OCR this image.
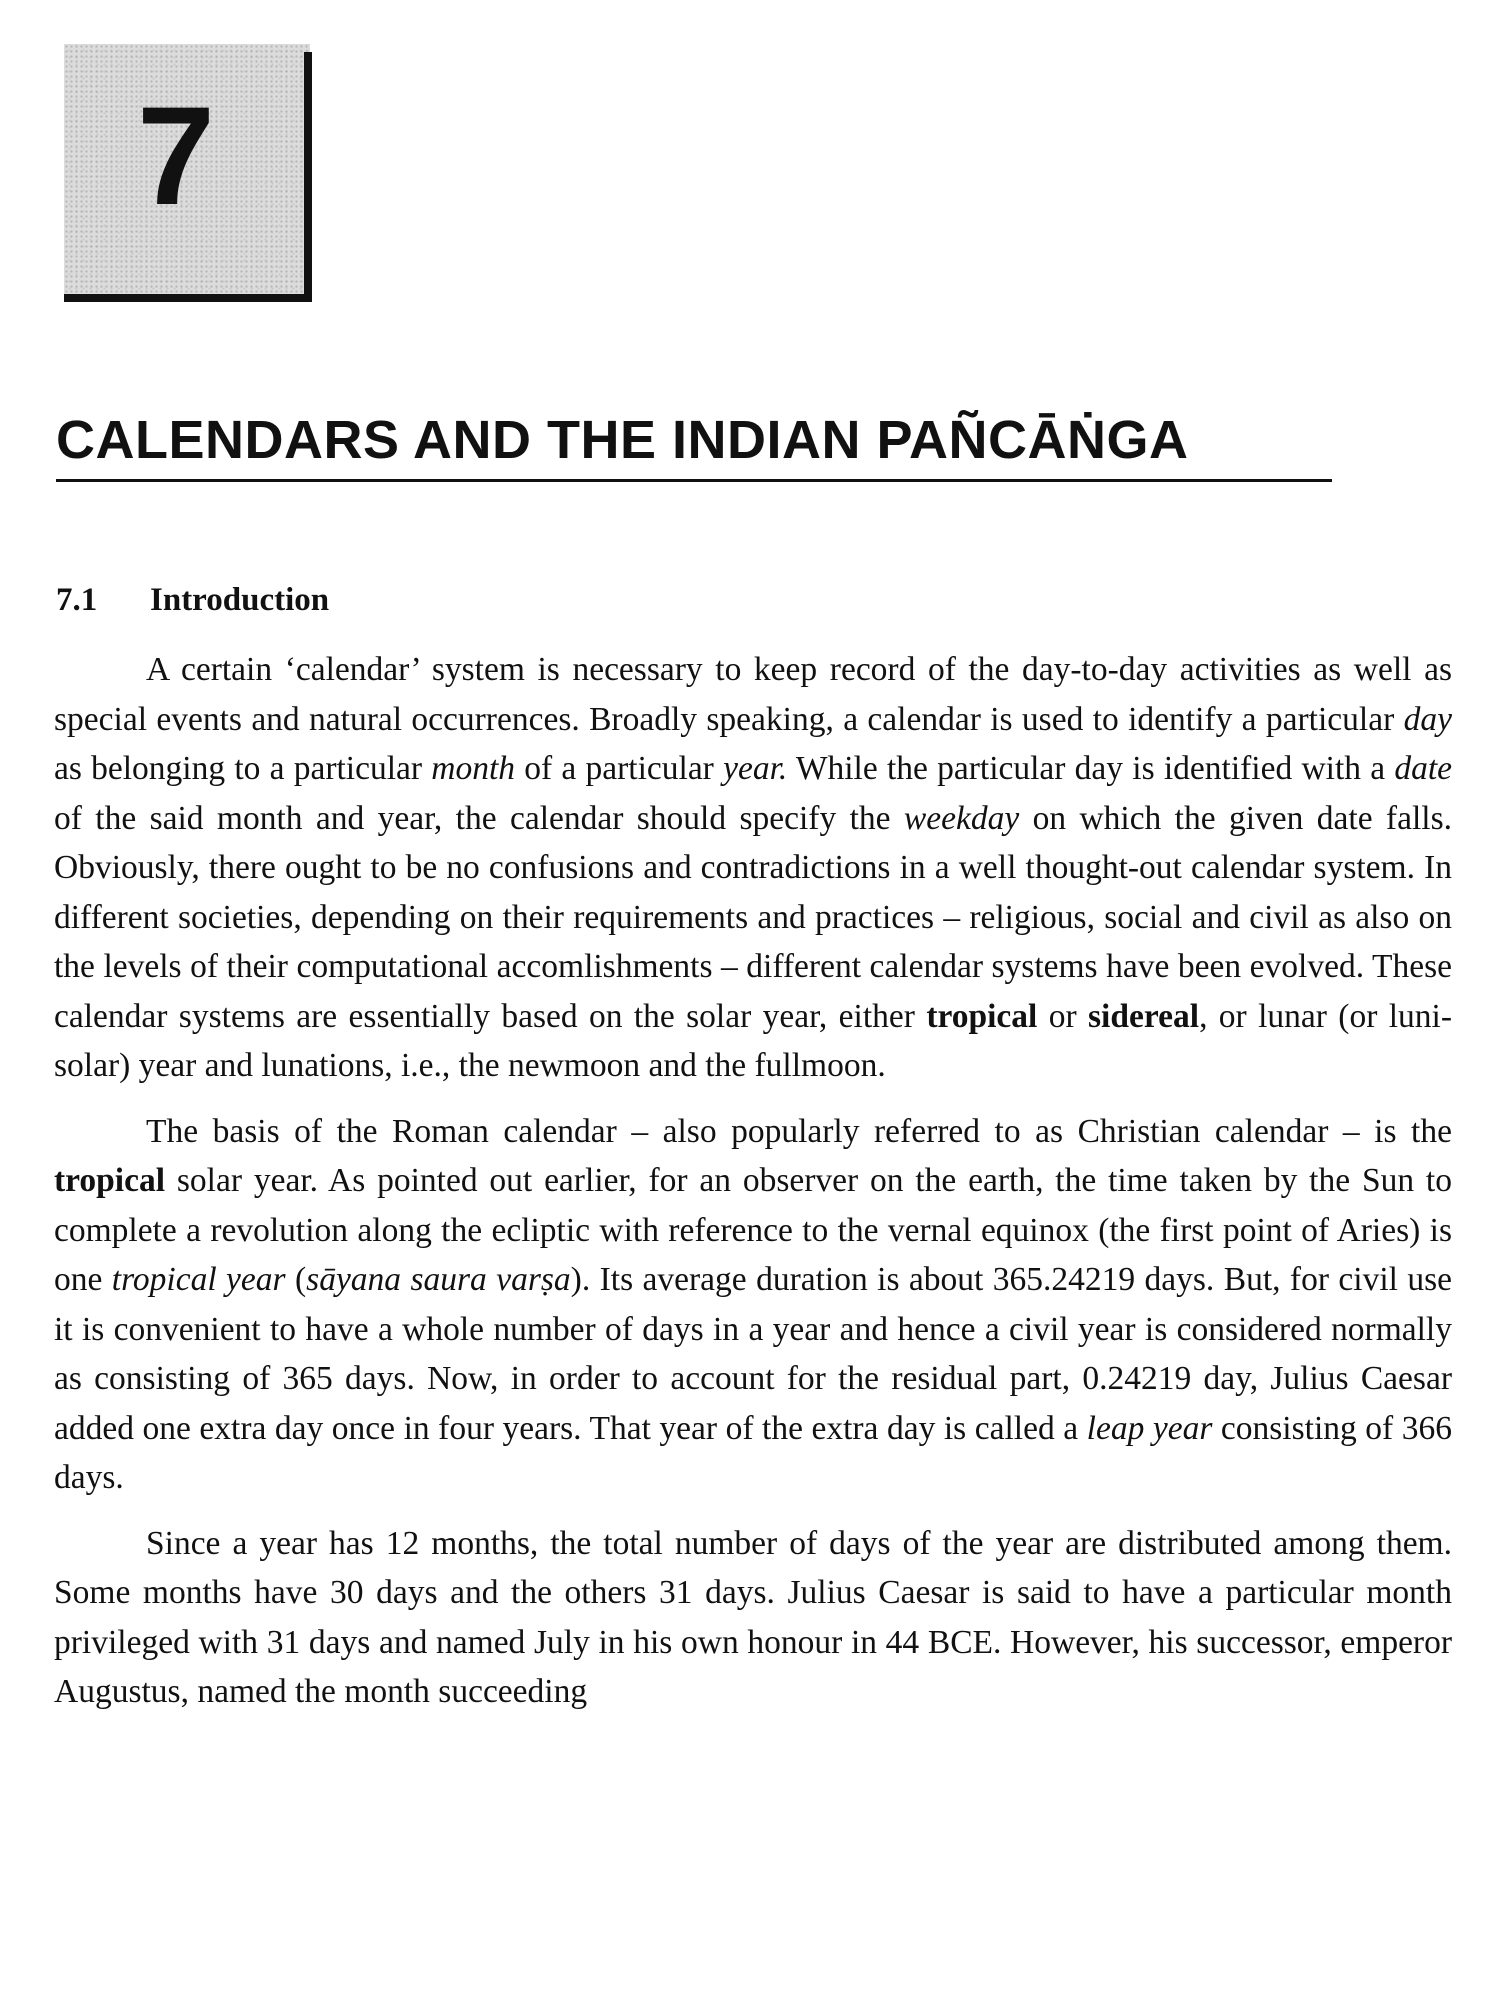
7
CALENDARS AND THE INDIAN PAÑCĀṄGA
7.1 Introduction

A certain ‘calendar’ system is necessary to keep record of the day-to-day activities as well as special events and natural occurrences. Broadly speaking, a calendar is used to identify a particular day as belonging to a particular month of a particular year. While the particular day is identified with a date of the said month and year, the calendar should specify the weekday on which the given date falls. Obviously, there ought to be no confusions and contradictions in a well thought-out calendar system. In different societies, depending on their requirements and practices – religious, social and civil as also on the levels of their computational accomlishments – different calendar systems have been evolved. These calendar systems are essentially based on the solar year, either tropical or sidereal, or lunar (or luni-solar) year and lunations, i.e., the newmoon and the fullmoon.

The basis of the Roman calendar – also popularly referred to as Christian calendar – is the tropical solar year. As pointed out earlier, for an observer on the earth, the time taken by the Sun to complete a revolution along the ecliptic with reference to the vernal equinox (the first point of Aries) is one tropical year (sāyana saura varṣa). Its average duration is about 365.24219 days. But, for civil use it is convenient to have a whole number of days in a year and hence a civil year is considered normally as consisting of 365 days. Now, in order to account for the residual part, 0.24219 day, Julius Caesar added one extra day once in four years. That year of the extra day is called a leap year consisting of 366 days.

Since a year has 12 months, the total number of days of the year are distributed among them. Some months have 30 days and the others 31 days. Julius Caesar is said to have a particular month privileged with 31 days and named July in his own honour in 44 BCE. However, his successor, emperor Augustus, named the month succeeding
